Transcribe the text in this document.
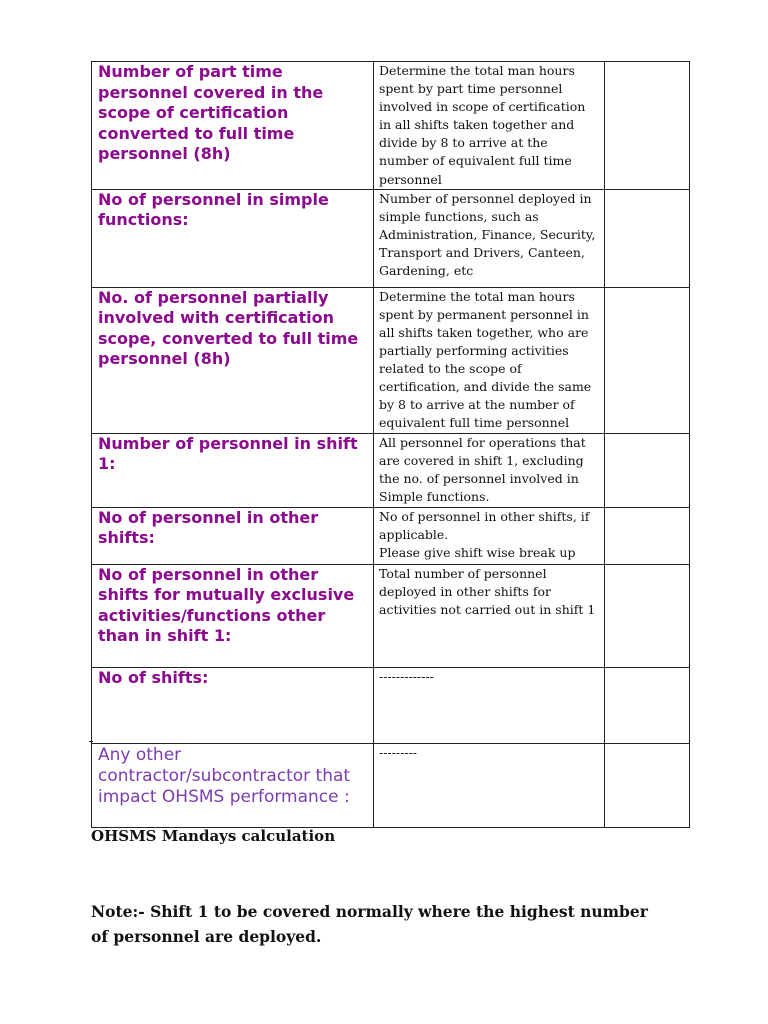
Number of part time personnel covered in the scope of certification converted to full time personnel (8h)	Determine the total man hours spent by part time personnel involved in scope of certification in all shifts taken together and divide by 8 to arrive at the number of equivalent full time personnel	

No of personnel in simple functions:	Number of personnel deployed in simple functions, such as Administration, Finance, Security, Transport and Drivers, Canteen, Gardening, etc	

No. of personnel partially involved with certification scope, converted to full time personnel (8h)	Determine the total man hours spent by permanent personnel in all shifts taken together, who are partially performing activities related to the scope of certification, and divide the same by 8 to arrive at the number of equivalent full time personnel	

Number of personnel in shift 1:	All personnel for operations that are covered in shift 1, excluding the no. of personnel involved in Simple functions.	

No of personnel in other shifts:	No of personnel in other shifts, if applicable.
Please give shift wise break up	

No of personnel in other shifts for mutually exclusive activities/functions other than in shift 1:	Total number of personnel deployed in other shifts for activities not carried out in shift 1	

No of shifts:	-------------	

Any other contractor/subcontractor that impact OHSMS performance :	---------	

OHSMS Mandays calculation
Note:- Shift 1 to be covered normally where the highest number of personnel are deployed.
